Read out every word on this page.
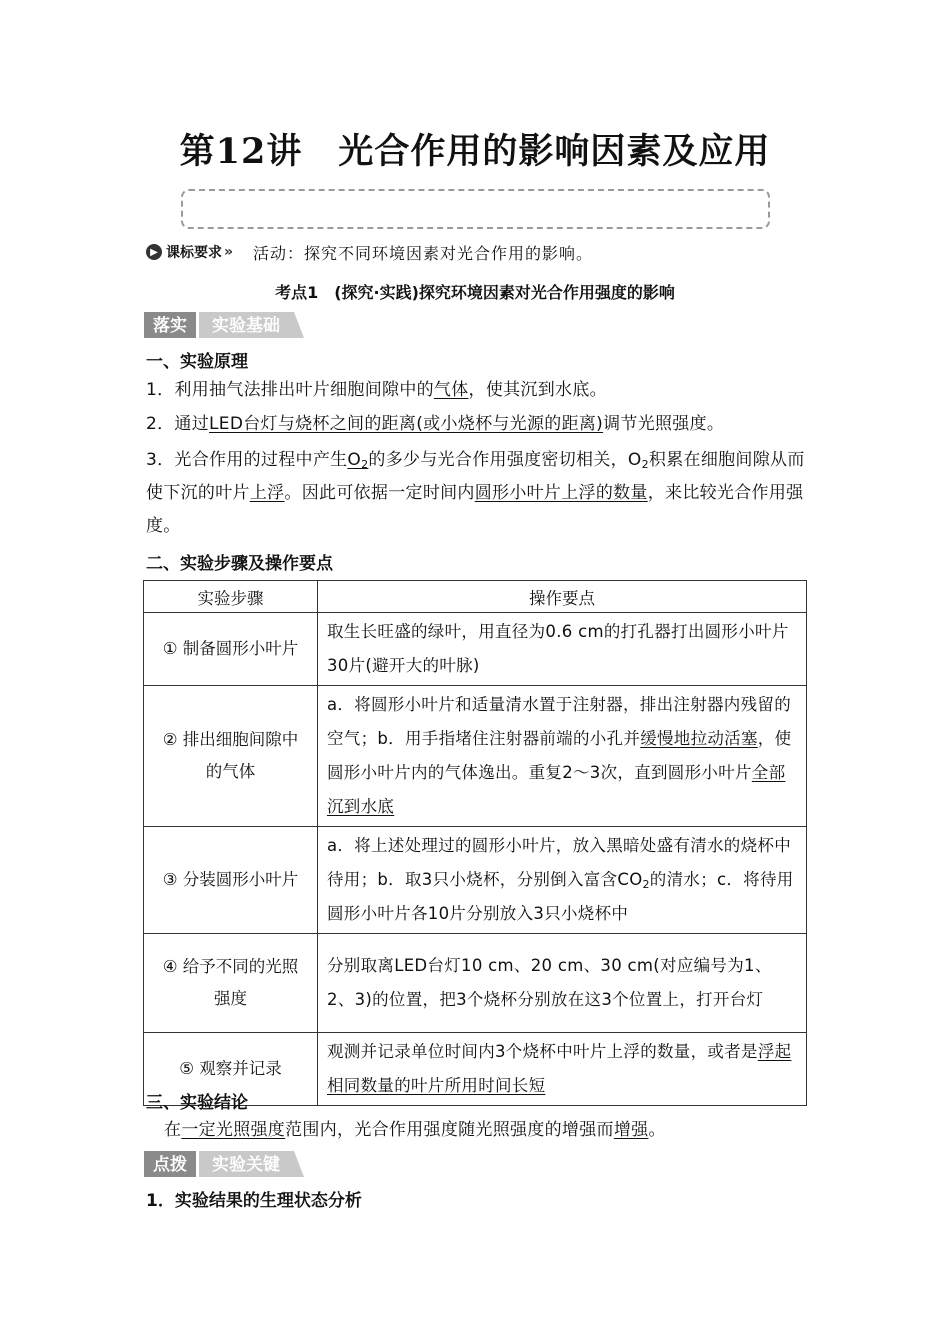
第12讲　光合作用的影响因素及应用
▶ 课标要求 » 活动：探究不同环境因素对光合作用的影响。
考点1　(探究·实践)探究环境因素对光合作用强度的影响
落实 实验基础
一、实验原理
1．利用抽气法排出叶片细胞间隙中的气体，使其沉到水底。
2．通过LED台灯与烧杯之间的距离(或小烧杯与光源的距离)调节光照强度。
3．光合作用的过程中产生$O_2$的多少与光合作用强度密切相关，$O_2$积累在细胞间隙从而使下沉的叶片上浮。因此可依据一定时间内圆形小叶片上浮的数量，来比较光合作用强度。
二、实验步骤及操作要点
实验步骤	操作要点
① 制备圆形小叶片	取生长旺盛的绿叶，用直径为0.6 cm的打孔器打出圆形小叶片30片(避开大的叶脉)
② 排出细胞间隙中的气体	a．将圆形小叶片和适量清水置于注射器，排出注射器内残留的空气；b．用手指堵住注射器前端的小孔并缓慢地拉动活塞，使圆形小叶片内的气体逸出。重复2～3次，直到圆形小叶片全部沉到水底
③ 分装圆形小叶片	a．将上述处理过的圆形小叶片，放入黑暗处盛有清水的烧杯中待用；b．取3只小烧杯，分别倒入富含$CO_2$的清水；c．将待用圆形小叶片各10片分别放入3只小烧杯中
④ 给予不同的光照强度	分别取离LED台灯10 cm、20 cm、30 cm(对应编号为1、2、3)的位置，把3个烧杯分别放在这3个位置上，打开台灯
⑤ 观察并记录	观测并记录单位时间内3个烧杯中叶片上浮的数量，或者是浮起相同数量的叶片所用时间长短
三、实验结论
在一定光照强度范围内，光合作用强度随光照强度的增强而增强。
点拨 实验关键
1．实验结果的生理状态分析
